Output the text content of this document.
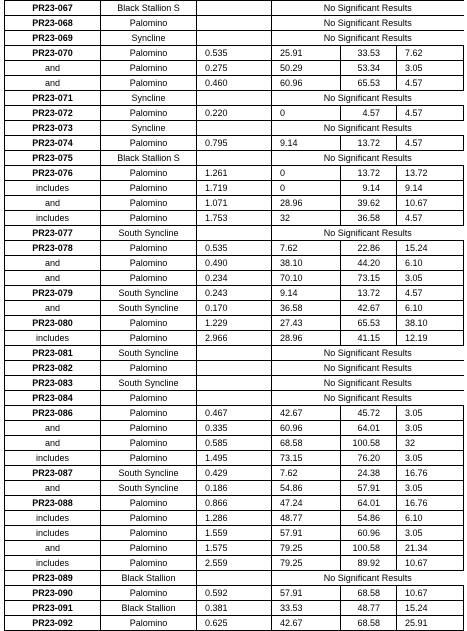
PR23-067	Black Stallion S		No Significant Results		
PR23-068	Palomino		No Significant Results		
PR23-069	Syncline		No Significant Results		
PR23-070	Palomino	0.535	25.91	33.53	7.62
and	Palomino	0.275	50.29	53.34	3.05
and	Palomino	0.460	60.96	65.53	4.57
PR23-071	Syncline		No Significant Results		
PR23-072	Palomino	0.220	0	4.57	4.57
PR23-073	Syncline		No Significant Results		
PR23-074	Palomino	0.795	9.14	13.72	4.57
PR23-075	Black Stallion S		No Significant Results		
PR23-076	Palomino	1.261	0	13.72	13.72
includes	Palomino	1.719	0	9.14	9.14
and	Palomino	1.071	28.96	39.62	10.67
includes	Palomino	1.753	32	36.58	4.57
PR23-077	South Syncline		No Significant Results		
PR23-078	Palomino	0.535	7.62	22.86	15.24
and	Palomino	0.490	38.10	44.20	6.10
and	Palomino	0.234	70.10	73.15	3.05
PR23-079	South Syncline	0.243	9.14	13.72	4.57
and	South Syncline	0.170	36.58	42.67	6.10
PR23-080	Palomino	1.229	27.43	65.53	38.10
includes	Palomino	2.966	28.96	41.15	12.19
PR23-081	South Syncline		No Significant Results		
PR23-082	Palomino		No Significant Results		
PR23-083	South Syncline		No Significant Results		
PR23-084	Palomino		No Significant Results		
PR23-086	Palomino	0.467	42.67	45.72	3.05
and	Palomino	0.335	60.96	64.01	3.05
and	Palomino	0.585	68.58	100.58	32
includes	Palomino	1.495	73.15	76.20	3.05
PR23-087	South Syncline	0.429	7.62	24.38	16.76
and	South Syncline	0.186	54.86	57.91	3.05
PR23-088	Palomino	0.866	47.24	64.01	16.76
includes	Palomino	1.286	48.77	54.86	6.10
includes	Palomino	1.559	57.91	60.96	3.05
and	Palomino	1.575	79.25	100.58	21.34
includes	Palomino	2.559	79.25	89.92	10.67
PR23-089	Black Stallion		No Significant Results		
PR23-090	Palomino	0.592	57.91	68.58	10.67
PR23-091	Black Stallion	0.381	33.53	48.77	15.24
PR23-092	Palomino	0.625	42.67	68.58	25.91
